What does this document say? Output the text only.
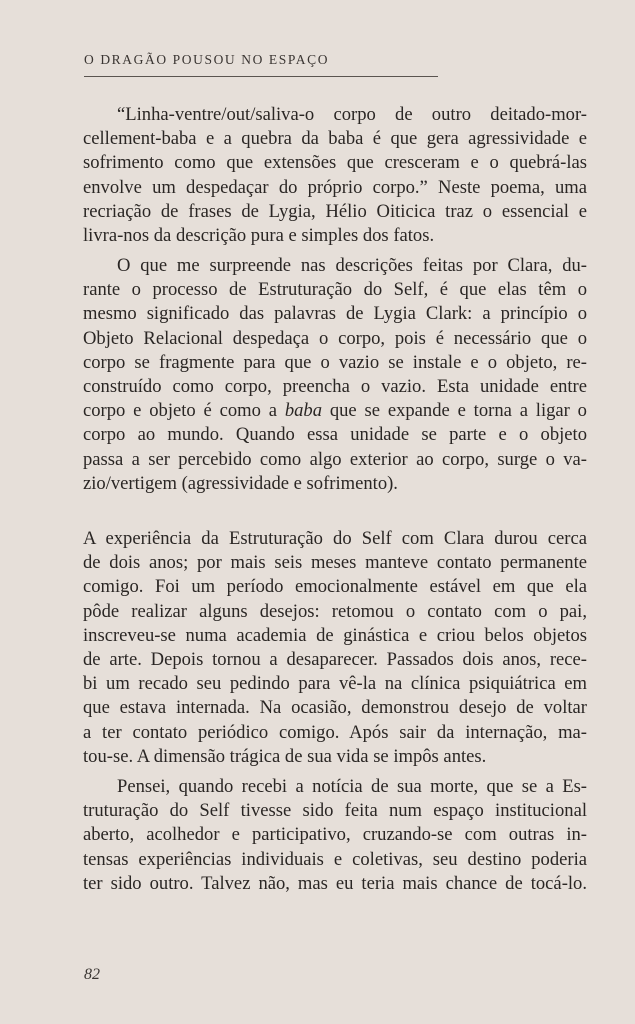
O DRAGÃO POUSOU NO ESPAÇO

“Linha-ventre/out/saliva-o corpo de outro deitado-mor-
cellement-baba e a quebra da baba é que gera agressividade e
sofrimento como que extensões que cresceram e o quebrá-las
envolve um despedaçar do próprio corpo.” Neste poema, uma
recriação de frases de Lygia, Hélio Oiticica traz o essencial e
livra-nos da descrição pura e simples dos fatos.

O que me surpreende nas descrições feitas por Clara, du-
rante o processo de Estruturação do Self, é que elas têm o
mesmo significado das palavras de Lygia Clark: a princípio o
Objeto Relacional despedaça o corpo, pois é necessário que o
corpo se fragmente para que o vazio se instale e o objeto, re-
construído como corpo, preencha o vazio. Esta unidade entre
corpo e objeto é como a baba que se expande e torna a ligar o
corpo ao mundo. Quando essa unidade se parte e o objeto
passa a ser percebido como algo exterior ao corpo, surge o va-
zio/vertigem (agressividade e sofrimento).

A experiência da Estruturação do Self com Clara durou cerca
de dois anos; por mais seis meses manteve contato permanente
comigo. Foi um período emocionalmente estável em que ela
pôde realizar alguns desejos: retomou o contato com o pai,
inscreveu-se numa academia de ginástica e criou belos objetos
de arte. Depois tornou a desaparecer. Passados dois anos, rece-
bi um recado seu pedindo para vê-la na clínica psiquiátrica em
que estava internada. Na ocasião, demonstrou desejo de voltar
a ter contato periódico comigo. Após sair da internação, ma-
tou-se. A dimensão trágica de sua vida se impôs antes.

Pensei, quando recebi a notícia de sua morte, que se a Es-
truturação do Self tivesse sido feita num espaço institucional
aberto, acolhedor e participativo, cruzando-se com outras in-
tensas experiências individuais e coletivas, seu destino poderia
ter sido outro. Talvez não, mas eu teria mais chance de tocá-lo.

82
